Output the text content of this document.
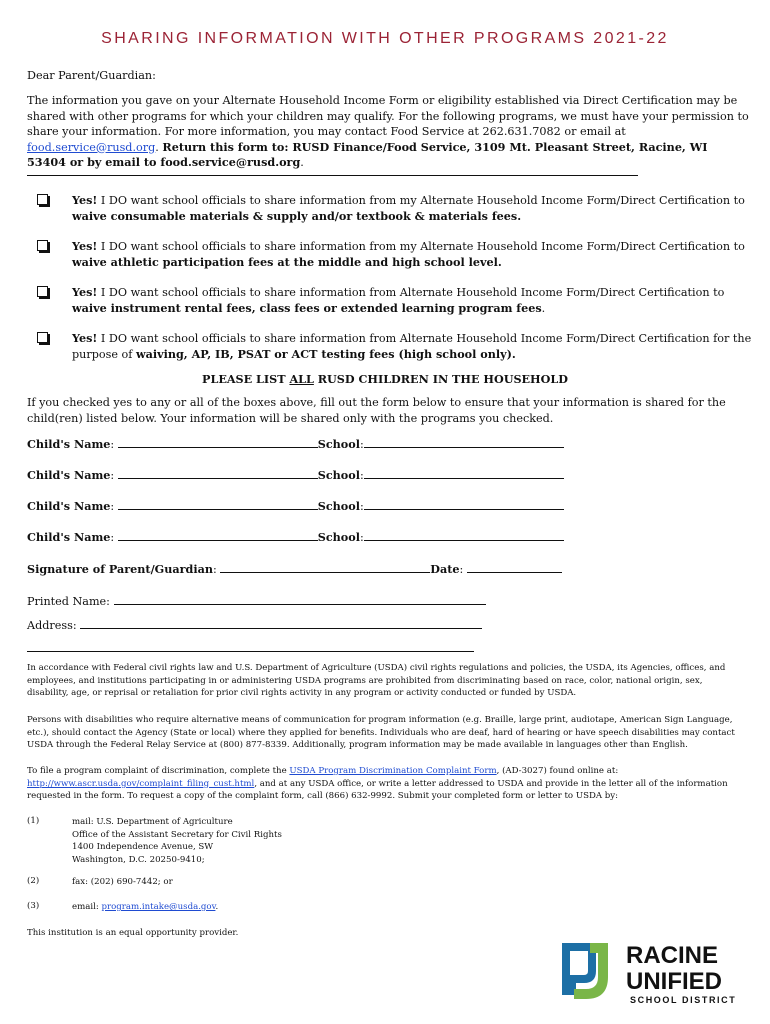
SHARING INFORMATION WITH OTHER PROGRAMS 2021-22
Dear Parent/Guardian:
The information you gave on your Alternate Household Income Form or eligibility established via Direct Certification may be shared with other programs for which your children may qualify. For the following programs, we must have your permission to share your information. For more information, you may contact Food Service at 262.631.7082 or email at food.service@rusd.org. Return this form to: RUSD Finance/Food Service, 3109 Mt. Pleasant Street, Racine, WI 53404 or by email to food.service@rusd.org.
Yes! I DO want school officials to share information from my Alternate Household Income Form/Direct Certification to waive consumable materials & supply and/or textbook & materials fees.
Yes! I DO want school officials to share information from my Alternate Household Income Form/Direct Certification to waive athletic participation fees at the middle and high school level.
Yes! I DO want school officials to share information from Alternate Household Income Form/Direct Certification to waive instrument rental fees, class fees or extended learning program fees.
Yes! I DO want school officials to share information from Alternate Household Income Form/Direct Certification for the purpose of waiving, AP, IB, PSAT or ACT testing fees (high school only).
PLEASE LIST ALL RUSD CHILDREN IN THE HOUSEHOLD
If you checked yes to any or all of the boxes above, fill out the form below to ensure that your information is shared for the child(ren) listed below. Your information will be shared only with the programs you checked.
Child's Name:	School:
Child's Name:	School:
Child's Name:	School:
Child's Name:	School:
Signature of Parent/Guardian:	Date:
Printed Name:
Address:
In accordance with Federal civil rights law and U.S. Department of Agriculture (USDA) civil rights regulations and policies, the USDA, its Agencies, offices, and employees, and institutions participating in or administering USDA programs are prohibited from discriminating based on race, color, national origin, sex, disability, age, or reprisal or retaliation for prior civil rights activity in any program or activity conducted or funded by USDA.
Persons with disabilities who require alternative means of communication for program information (e.g. Braille, large print, audiotape, American Sign Language, etc.), should contact the Agency (State or local) where they applied for benefits. Individuals who are deaf, hard of hearing or have speech disabilities may contact USDA through the Federal Relay Service at (800) 877-8339. Additionally, program information may be made available in languages other than English.
To file a program complaint of discrimination, complete the USDA Program Discrimination Complaint Form, (AD-3027) found online at: http://www.ascr.usda.gov/complaint_filing_cust.html, and at any USDA office, or write a letter addressed to USDA and provide in the letter all of the information requested in the form. To request a copy of the complaint form, call (866) 632-9992. Submit your completed form or letter to USDA by:
(1)	mail: U.S. Department of Agriculture
Office of the Assistant Secretary for Civil Rights
1400 Independence Avenue, SW
Washington, D.C. 20250-9410;
(2)	fax: (202) 690-7442; or
(3)	email: program.intake@usda.gov.
This institution is an equal opportunity provider.
RACINE
UNIFIED
SCHOOL DISTRICT
